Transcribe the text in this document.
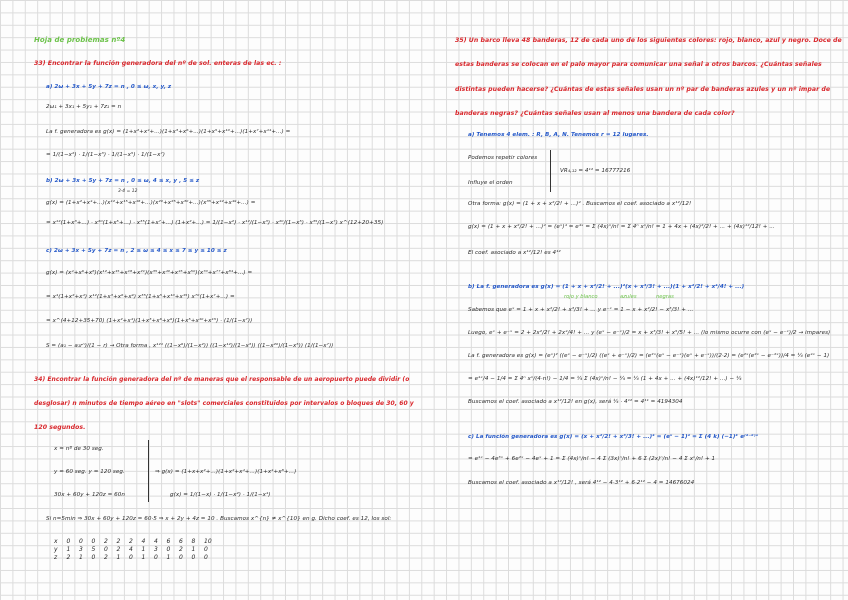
Hoja de problemas nº4
33) Encontrar la función generadora del nº de sol. enteras de las ec. :
a) 2ω + 3x + 5y + 7z = n , 0 ≤ ω, x, y, z
2ω₁ + 3x₁ + 5y₁ + 7z₁ = n
La f. generadora es g(x) = (1+x²+x⁴+...)(1+x³+x⁶+...)(1+x⁵+x¹⁰+...)(1+x⁷+x¹⁴+...) =
= 1/(1−x²) · 1/(1−x³) · 1/(1−x⁵) · 1/(1−x⁷)
b) 2ω + 3x + 5y + 7z = n , 0 ≤ ω, 4 ≤ x, y , 5 ≤ z
3·4 = 12
g(x) = (1+x²+x⁴+...)(x¹²+x¹⁵+x¹⁸+...)(x²⁰+x²⁵+x³⁰+...)(x³⁵+x⁴²+x⁴⁹+...) =
= x¹²(1+x³+...) · x²⁰(1+x⁵+...) · x³⁵(1+x⁷+...) (1+x²+...) = 1/(1−x²) · x¹²/(1−x³) · x²⁰/(1−x⁵) · x³⁵/(1−x⁷) x^(12+20+35)
c) 2ω + 3x + 5y + 7z = n , 2 ≤ ω ≤ 4 ≤ x ≤ 7 ≤ y ≤ 10 ≤ z
g(x) = (x⁴+x⁶+x⁸)(x¹²+x¹⁵+x¹⁸+x²¹)(x³⁵+x⁴⁰+x⁴⁵+x⁵⁰)(x⁷⁰+x⁷⁷+x⁸⁴+...) =
= x⁴(1+x²+x⁴) x¹²(1+x³+x⁶+x⁹) x³⁵(1+x⁵+x¹⁰+x¹⁵) x⁷⁰(1+x⁷+...) =
= x^(4+12+35+70) (1+x²+x⁴)(1+x³+x⁶+x⁹)(1+x⁵+x¹⁰+x¹⁵) · (1/(1−x⁷))
S = (a₁ − a₁rⁿ)/(1 − r) → Otra forma , x¹²¹ ((1−x⁶)/(1−x²)) ((1−x¹²)/(1−x³)) ((1−x²⁰)/(1−x⁵)) (1/(1−x⁷))
34) Encontrar la función generadora del nº de maneras que el responsable de un aeropuerto puede dividir (o
desglosar) n minutos de tiempo aéreo en "slots" comerciales constituidos por intervalos o bloques de 30, 60 y
120 segundos.
x = nº de 30 seg.
y = 60 seg. y = 120 seg.
30x + 60y + 120z = 60n
⇒ g(x) = (1+x+x²+...)(1+x²+x⁴+...)(1+x⁴+x⁸+...)
g(x) = 1/(1−x) · 1/(1−x²) · 1/(1−x⁴)
Si n=5min ⇒ 30x + 60y + 120z = 60·5 ⇒ x + 2y + 4z = 10 . Buscamos x^{n} ≠ x^{10} en g. Dicho coef. es 12, los sol:
x	0	0	0	2	2	2	4	4	6	6	8	10
y	1	3	5	0	2	4	1	3	0	2	1	0
z	2	1	0	2	1	0	1	0	1	0	0	0
35) Un barco lleva 48 banderas, 12 de cada uno de los siguientes colores: rojo, blanco, azul y negro. Doce de
estas banderas se colocan en el palo mayor para comunicar una señal a otros barcos. ¿Cuántas señales
distintas pueden hacerse? ¿Cuántas de estas señales usan un nº par de banderas azules y un nº impar de
banderas negras? ¿Cuántas señales usan al menos una bandera de cada color?
a) Tenemos 4 elem. : R, B, A, N. Tenemos r = 12 lugares.
Podemos repetir colores
Influye el orden
VR₄,₁₂ = 4¹² = 16777216
Otra forma: g(x) = (1 + x + x²/2! + ...)⁴ . Buscamos el coef. asociado a x¹²/12!
g(x) = (1 + x + x²/2! + ...)⁴ = (eˣ)⁴ = e⁴ˣ = Σ (4x)ⁿ/n! = Σ 4ⁿ xⁿ/n! = 1 + 4x + (4x)²/2! + ... + (4x)¹²/12! + ...
El coef. asociado a x¹²/12! es 4¹²
b) La f. generadora es g(x) = (1 + x + x²/2! + ...)²(x + x³/3! + ...)(1 + x²/2! + x⁴/4! + ...)
rojo y blanco	azules	negras
Sabemos que eˣ = 1 + x + x²/2! + x³/3! + ... y e⁻ˣ = 1 − x + x²/2! − x³/3! + ...
Luego, eˣ + e⁻ˣ = 2 + 2x²/2! + 2x⁴/4! + ... y (eˣ − e⁻ˣ)/2 = x + x³/3! + x⁵/5! + ... (lo mismo ocurre con (eˣ − e⁻ˣ)/2 → impares)
La f. generadora es g(x) = (eˣ)² ((eˣ − e⁻ˣ)/2) ((eˣ + e⁻ˣ)/2) = (e²ˣ(eˣ − e⁻ˣ)(eˣ + e⁻ˣ))/(2·2) = (e²ˣ(e²ˣ − e⁻²ˣ))/4 = ¼ (e⁴ˣ − 1)
= e⁴ˣ/4 − 1/4 = Σ 4ⁿ xⁿ/(4·n!) − 1/4 = ¼ Σ (4x)ⁿ/n! − ¼ = ¼ (1 + 4x + ... + (4x)¹²/12! + ...) − ¼
Buscamos el coef. asociado a x¹²/12! en g(x), será ¼ · 4¹² = 4¹¹ = 4194304
c) La función generadora es g(x) = (x + x²/2! + x³/3! + ...)⁴ = (eˣ − 1)⁴ = Σ (4 k) (−1)ᵏ e⁽⁴⁻ᵏ⁾ˣ
= e⁴ˣ − 4e³ˣ + 6e²ˣ − 4eˣ + 1 = Σ (4x)ⁿ/n! − 4 Σ (3x)ⁿ/n! + 6 Σ (2x)ⁿ/n! − 4 Σ xⁿ/n! + 1
Buscamos el coef. asociado a x¹²/12! , será 4¹² − 4·3¹² + 6·2¹² − 4 = 14676024
